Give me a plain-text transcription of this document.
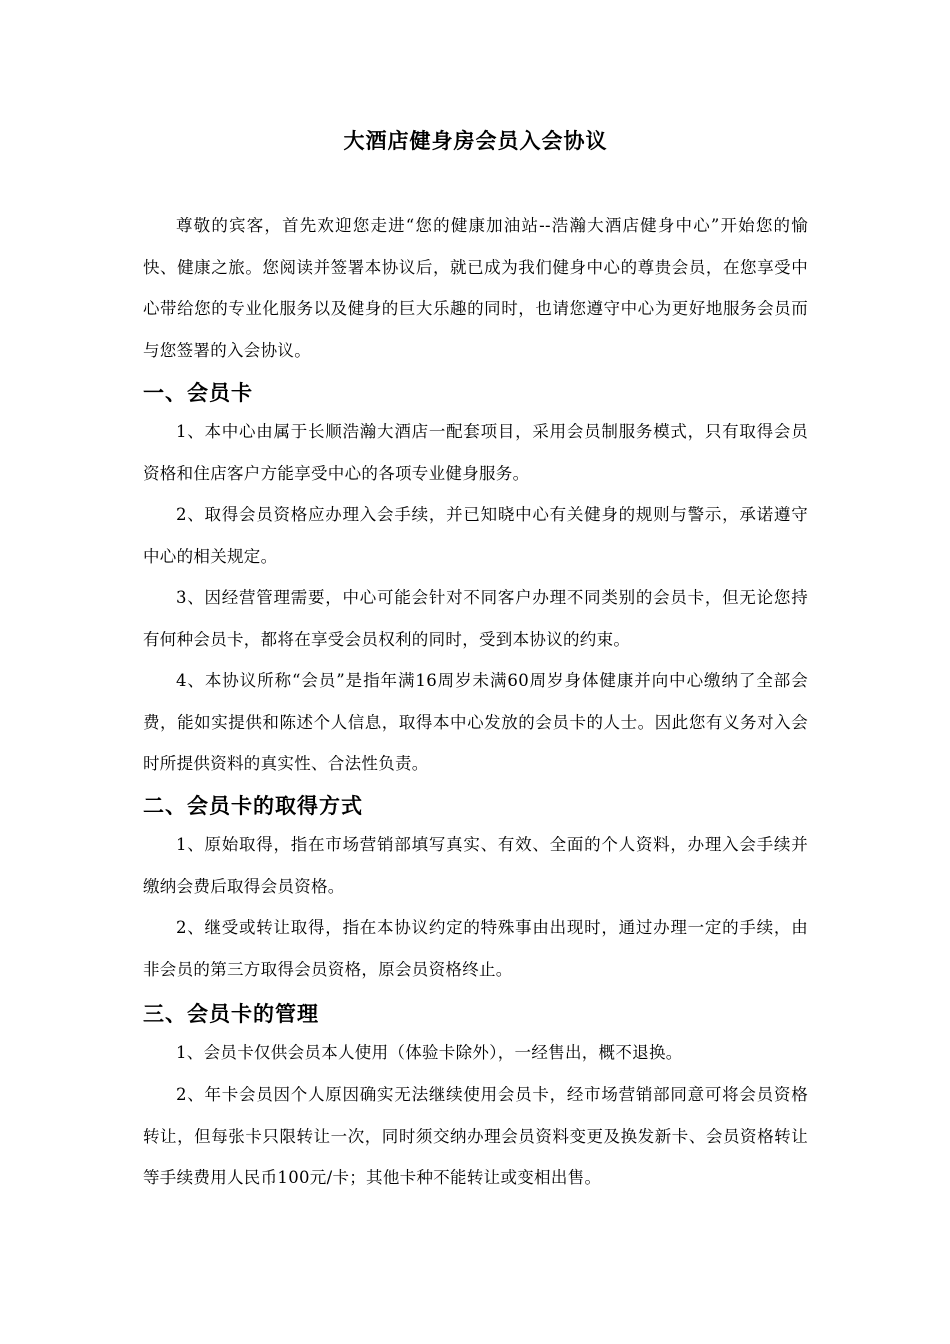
大酒店健身房会员入会协议

尊敬的宾客，首先欢迎您走进“您的健康加油站--浩瀚大酒店健身中心”开始您的愉快、健康之旅。您阅读并签署本协议后，就已成为我们健身中心的尊贵会员，在您享受中心带给您的专业化服务以及健身的巨大乐趣的同时，也请您遵守中心为更好地服务会员而与您签署的入会协议。

一、会员卡

1、本中心由属于长顺浩瀚大酒店一配套项目，采用会员制服务模式，只有取得会员资格和住店客户方能享受中心的各项专业健身服务。

2、取得会员资格应办理入会手续，并已知晓中心有关健身的规则与警示，承诺遵守中心的相关规定。

3、因经营管理需要，中心可能会针对不同客户办理不同类别的会员卡，但无论您持有何种会员卡，都将在享受会员权利的同时，受到本协议的约束。

4、本协议所称“会员”是指年满16周岁未满60周岁身体健康并向中心缴纳了全部会费，能如实提供和陈述个人信息，取得本中心发放的会员卡的人士。因此您有义务对入会时所提供资料的真实性、合法性负责。

二、会员卡的取得方式

1、原始取得，指在市场营销部填写真实、有效、全面的个人资料，办理入会手续并缴纳会费后取得会员资格。

2、继受或转让取得，指在本协议约定的特殊事由出现时，通过办理一定的手续，由非会员的第三方取得会员资格，原会员资格终止。

三、会员卡的管理

1、会员卡仅供会员本人使用（体验卡除外），一经售出，概不退换。

2、年卡会员因个人原因确实无法继续使用会员卡，经市场营销部同意可将会员资格转让，但每张卡只限转让一次，同时须交纳办理会员资料变更及换发新卡、会员资格转让等手续费用人民币100元/卡；其他卡种不能转让或变相出售。
